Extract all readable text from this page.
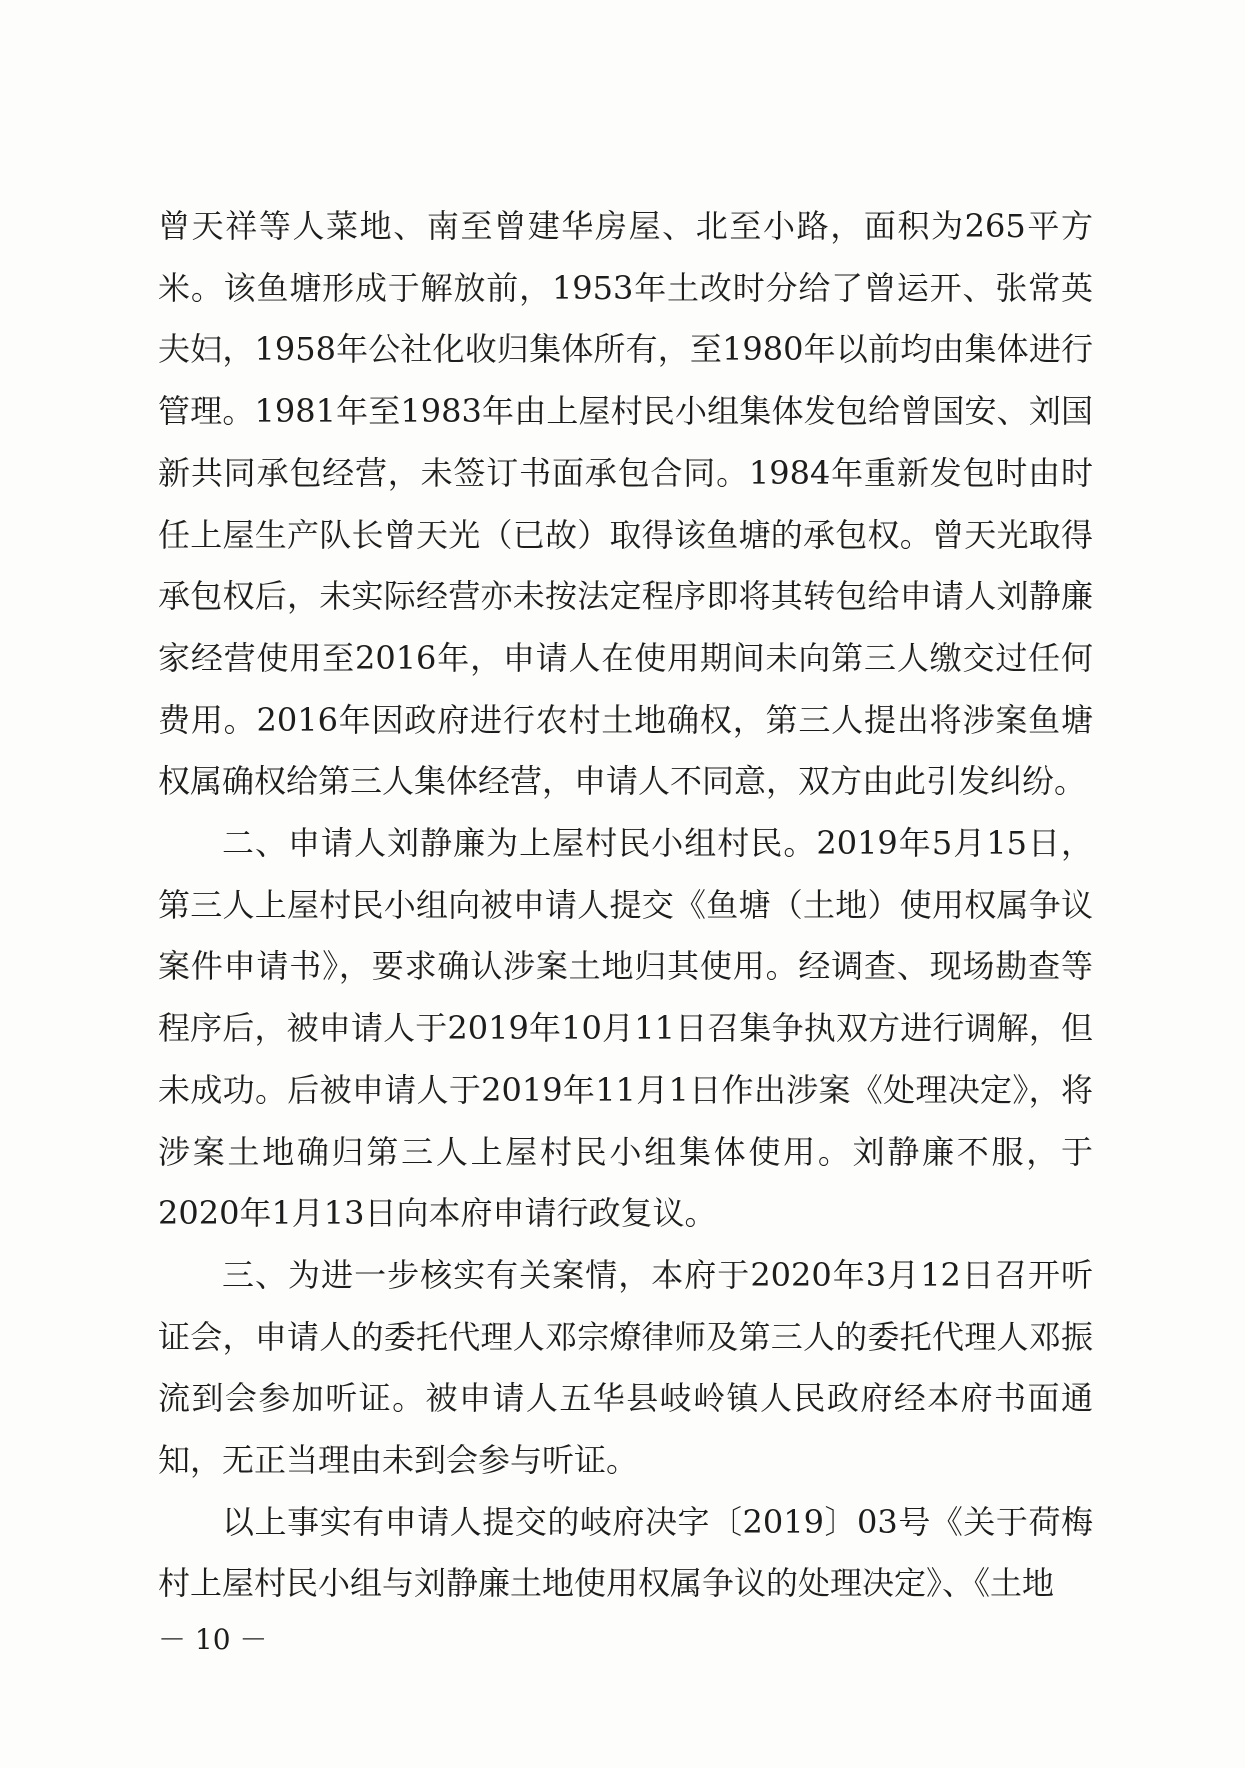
曾天祥等人菜地、南至曾建华房屋、北至小路，面积为265平方米。该鱼塘形成于解放前，1953年土改时分给了曾运开、张常英夫妇，1958年公社化收归集体所有，至1980年以前均由集体进行管理。1981年至1983年由上屋村民小组集体发包给曾国安、刘国新共同承包经营，未签订书面承包合同。1984年重新发包时由时任上屋生产队长曾天光（已故）取得该鱼塘的承包权。曾天光取得承包权后，未实际经营亦未按法定程序即将其转包给申请人刘静廉家经营使用至2016年，申请人在使用期间未向第三人缴交过任何费用。2016年因政府进行农村土地确权，第三人提出将涉案鱼塘权属确权给第三人集体经营，申请人不同意，双方由此引发纠纷。

二、申请人刘静廉为上屋村民小组村民。2019年5月15日，第三人上屋村民小组向被申请人提交《鱼塘（土地）使用权属争议案件申请书》，要求确认涉案土地归其使用。经调查、现场勘查等程序后，被申请人于2019年10月11日召集争执双方进行调解，但未成功。后被申请人于2019年11月1日作出涉案《处理决定》，将涉案土地确归第三人上屋村民小组集体使用。刘静廉不服，于2020年1月13日向本府申请行政复议。

三、为进一步核实有关案情，本府于2020年3月12日召开听证会，申请人的委托代理人邓宗燎律师及第三人的委托代理人邓振流到会参加听证。被申请人五华县岐岭镇人民政府经本府书面通知，无正当理由未到会参与听证。

以上事实有申请人提交的岐府决字〔2019〕03号《关于荷梅村上屋村民小组与刘静廉土地使用权属争议的处理决定》、《土地

－ 10 －
